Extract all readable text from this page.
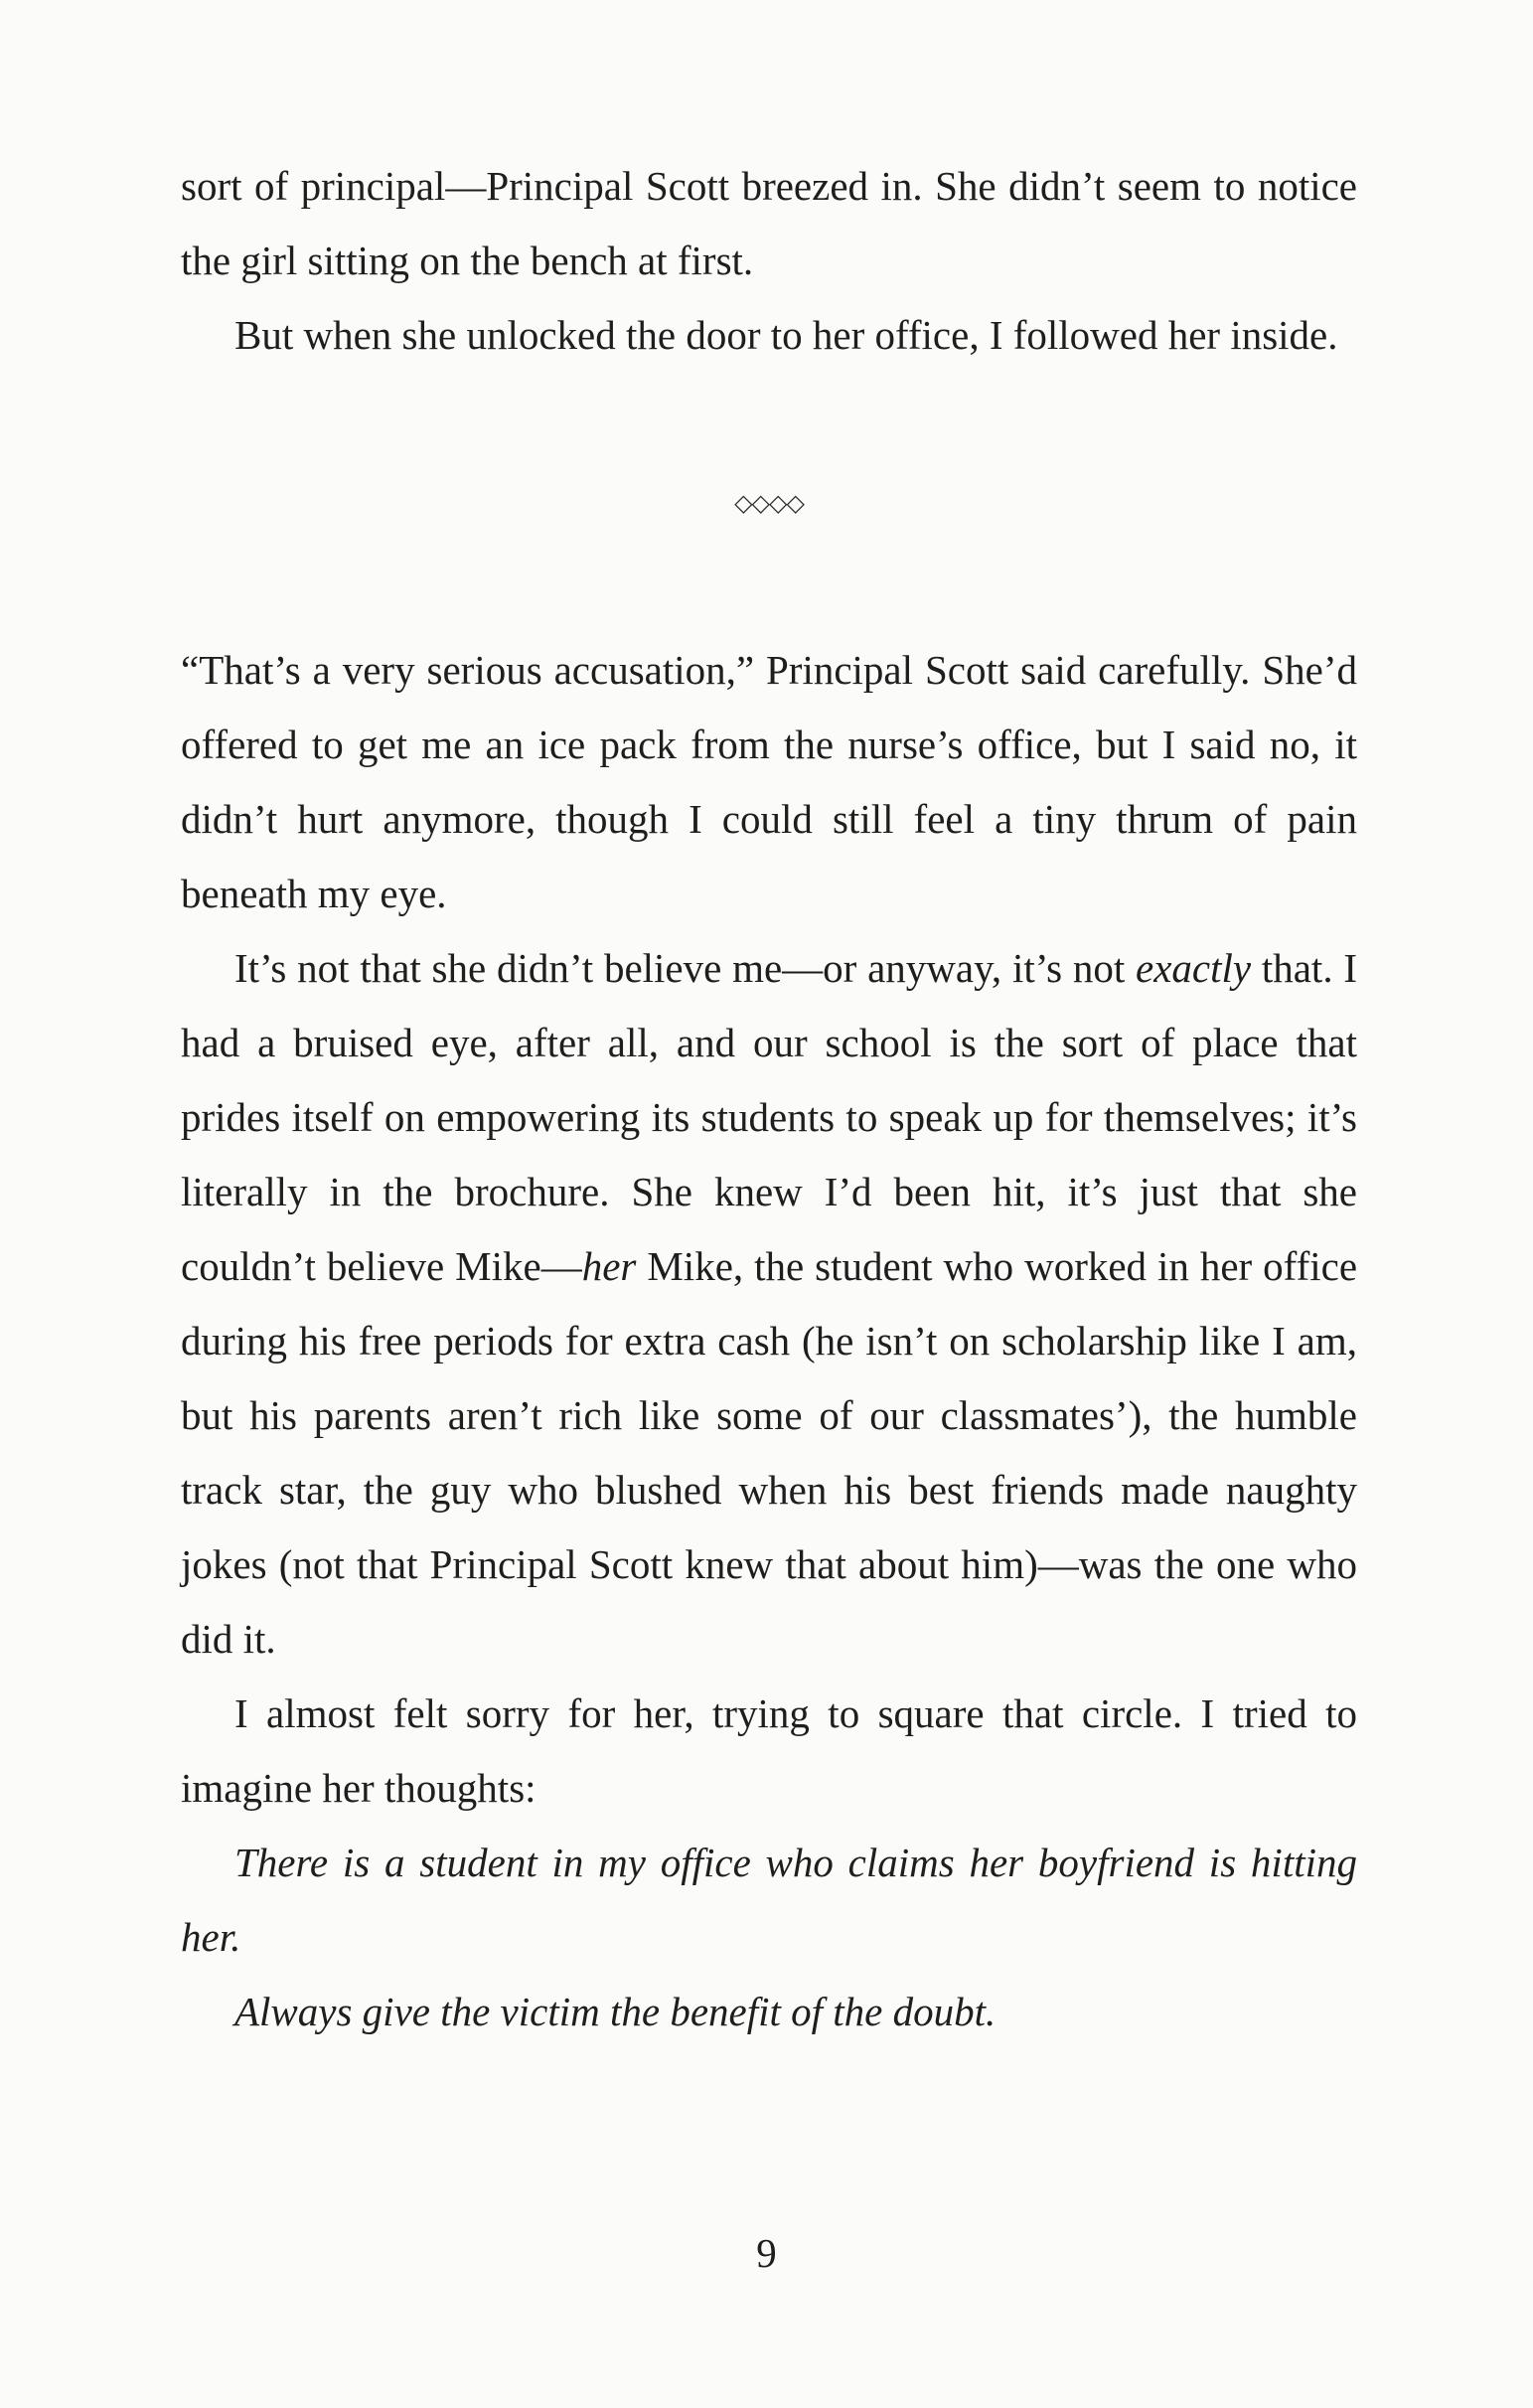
sort of principal—Principal Scott breezed in. She didn’t seem to notice the girl sitting on the bench at first.

But when she unlocked the door to her office, I followed her inside.

◇◇◇◇

“That’s a very serious accusation,” Principal Scott said carefully. She’d offered to get me an ice pack from the nurse’s office, but I said no, it didn’t hurt anymore, though I could still feel a tiny thrum of pain beneath my eye.

It’s not that she didn’t believe me—or anyway, it’s not exactly that. I had a bruised eye, after all, and our school is the sort of place that prides itself on empowering its students to speak up for themselves; it’s literally in the brochure. She knew I’d been hit, it’s just that she couldn’t believe Mike—her Mike, the student who worked in her office during his free periods for extra cash (he isn’t on scholarship like I am, but his parents aren’t rich like some of our classmates’), the humble track star, the guy who blushed when his best friends made naughty jokes (not that Principal Scott knew that about him)—was the one who did it.

I almost felt sorry for her, trying to square that circle. I tried to imagine her thoughts:

There is a student in my office who claims her boyfriend is hitting her.

Always give the victim the benefit of the doubt.

9
